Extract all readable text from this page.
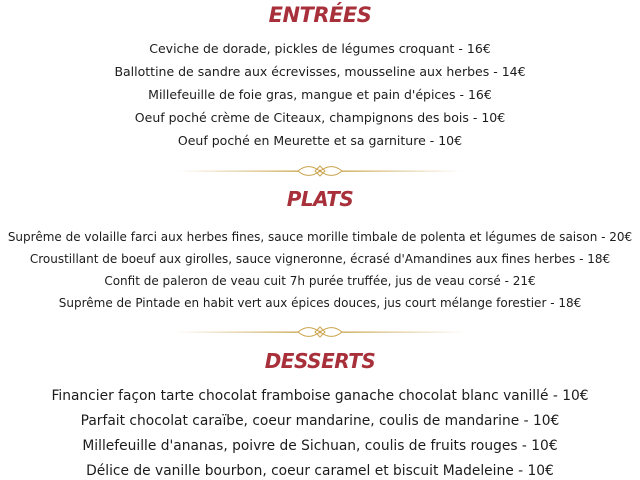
ENTRÉES
Ceviche de dorade, pickles de légumes croquant - 16€
Ballottine de sandre aux écrevisses, mousseline aux herbes - 14€
Millefeuille de foie gras, mangue et pain d'épices - 16€
Oeuf poché crème de Citeaux, champignons des bois - 10€
Oeuf poché en Meurette et sa garniture - 10€
PLATS
Suprême de volaille farci aux herbes fines, sauce morille timbale de polenta et légumes de saison - 20€
Croustillant de boeuf aux girolles, sauce vigneronne, écrasé d'Amandines aux fines herbes - 18€
Confit de paleron de veau cuit 7h purée truffée, jus de veau corsé - 21€
Suprême de Pintade en habit vert aux épices douces, jus court mélange forestier - 18€
DESSERTS
Financier façon tarte chocolat framboise ganache chocolat blanc vanillé - 10€
Parfait chocolat caraïbe, coeur mandarine, coulis de mandarine - 10€
Millefeuille d'ananas, poivre de Sichuan, coulis de fruits rouges - 10€
Délice de vanille bourbon, coeur caramel et biscuit Madeleine - 10€
